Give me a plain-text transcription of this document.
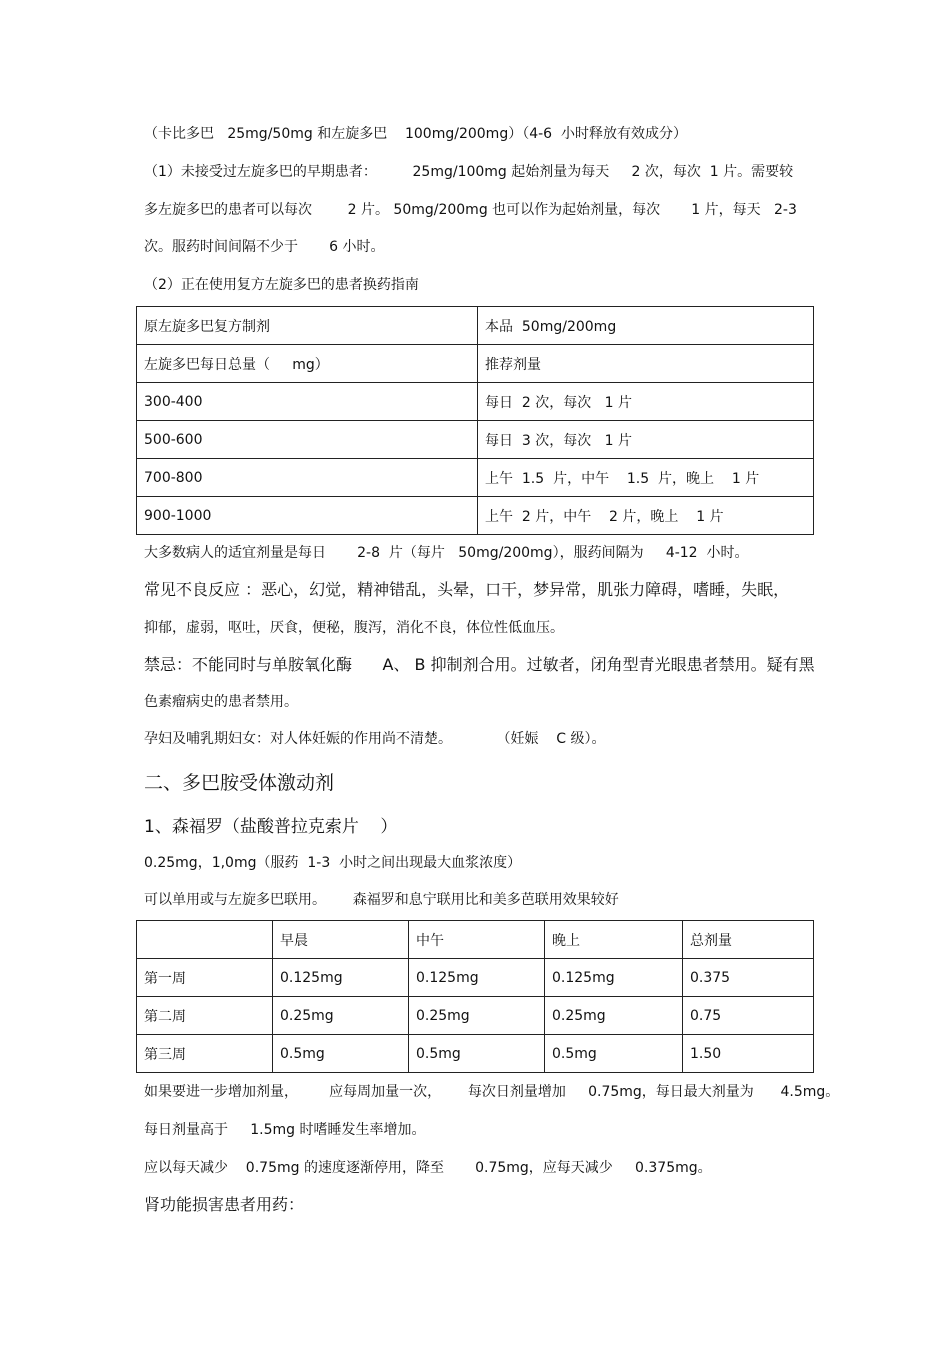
（卡比多巴   25mg/50mg 和左旋多巴    100mg/200mg）（4-6  小时释放有效成分）
（1）未接受过左旋多巴的早期患者：        25mg/100mg 起始剂量为每天     2 次，每次  1 片。需要较
多左旋多巴的患者可以每次        2 片。 50mg/200mg 也可以作为起始剂量，每次       1 片，每天   2-3
次。服药时间间隔不少于       6 小时。
（2）正在使用复方左旋多巴的患者换药指南
原左旋多巴复方制剂	本品  50mg/200mg
左旋多巴每日总量（     mg）	推荐剂量
300-400	每日  2 次，每次   1 片
500-600	每日  3 次，每次   1 片
700-800	上午  1.5  片，中午    1.5  片，晚上    1 片
900-1000	上午  2 片，中午    2 片，晚上    1 片
大多数病人的适宜剂量是每日       2-8  片（每片   50mg/200mg），服药间隔为     4-12  小时。
常见不良反应 ：恶心，幻觉，精神错乱，头晕，口干，梦异常，肌张力障碍，嗜睡，失眠，
抑郁，虚弱，呕吐，厌食，便秘，腹泻，消化不良，体位性低血压。
禁忌：不能同时与单胺氧化酶      A、 B 抑制剂合用。过敏者，闭角型青光眼患者禁用。疑有黑
色素瘤病史的患者禁用。
孕妇及哺乳期妇女：对人体妊娠的作用尚不清楚。          （妊娠    C 级）。
二、多巴胺受体激动剂
1、森福罗（盐酸普拉克索片    ）
0.25mg，1,0mg（服药  1-3  小时之间出现最大血浆浓度）
可以单用或与左旋多巴联用。      森福罗和息宁联用比和美多芭联用效果较好
	早晨	中午	晚上	总剂量
第一周	0.125mg	0.125mg	0.125mg	0.375
第二周	0.25mg	0.25mg	0.25mg	0.75
第三周	0.5mg	0.5mg	0.5mg	1.50
如果要进一步增加剂量，       应每周加量一次，      每次日剂量增加     0.75mg，每日最大剂量为      4.5mg。
每日剂量高于     1.5mg 时嗜睡发生率增加。
应以每天减少    0.75mg 的速度逐渐停用，降至       0.75mg，应每天减少     0.375mg。
肾功能损害患者用药：
